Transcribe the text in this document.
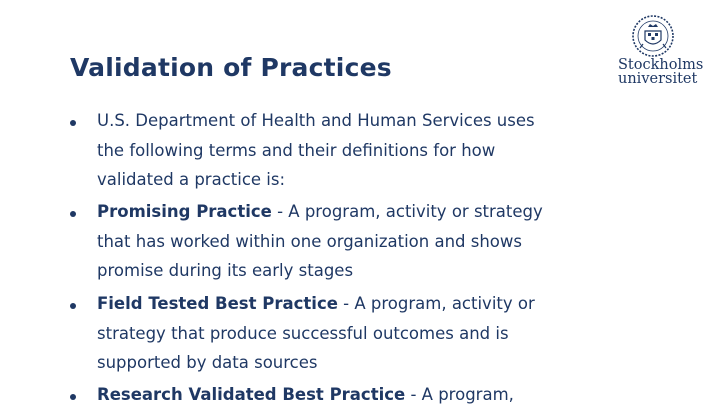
Validation of Practices	Stockholms
universitet
U.S. Department of Health and Human Services uses
the following terms and their definitions for how
validated a practice is:
Promising Practice - A program, activity or strategy
that has worked within one organization and shows
promise during its early stages
Field Tested Best Practice - A program, activity or
strategy that produce successful outcomes and is
supported by data sources
Research Validated Best Practice - A program,
